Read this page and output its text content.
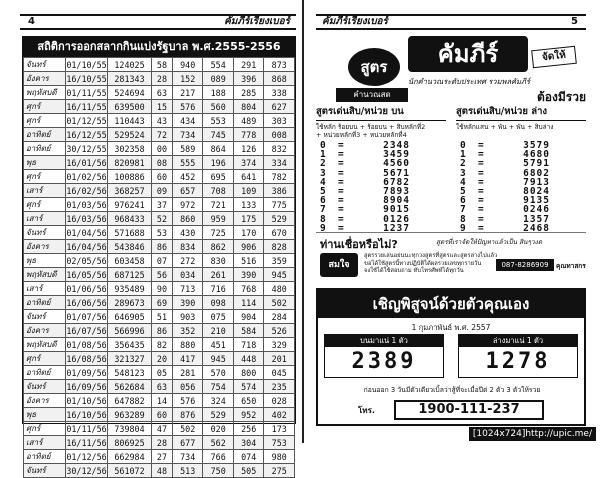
4	คัมภีร์เรียงเบอร์
สถิติการออกสลากกินแบ่งรัฐบาล พ.ศ.2555-2556
จันทร์	01/10/55	124025	58	940	554	291	873
อังคาร	16/10/55	281343	28	152	089	396	868
พฤหัสบดี	01/11/55	524694	63	217	188	285	338
ศุกร์	16/11/55	639500	15	576	560	804	627
ศุกร์	01/12/55	110443	43	434	553	489	303
อาทิตย์	16/12/55	529524	72	734	745	778	008
อาทิตย์	30/12/55	302358	00	589	864	126	832
พุธ	16/01/56	820981	08	555	196	374	334
ศุกร์	01/02/56	100886	60	452	695	641	782
เสาร์	16/02/56	368257	09	657	708	109	386
ศุกร์	01/03/56	976241	37	972	721	133	775
เสาร์	16/03/56	968433	52	860	959	175	529
จันทร์	01/04/56	571688	53	430	725	170	670
อังคาร	16/04/56	543846	86	834	862	906	828
พุธ	02/05/56	603458	07	272	830	516	359
พฤหัสบดี	16/05/56	687125	56	034	261	390	945
เสาร์	01/06/56	935489	90	713	716	768	480
อาทิตย์	16/06/56	289673	69	390	098	114	502
จันทร์	01/07/56	646905	51	903	075	904	284
อังคาร	16/07/56	566996	86	352	210	584	526
พฤหัสบดี	01/08/56	356435	82	880	451	718	329
ศุกร์	16/08/56	321327	20	417	945	448	201
อาทิตย์	01/09/56	548123	05	281	570	800	045
จันทร์	16/09/56	562684	63	056	754	574	235
อังคาร	01/10/56	647882	14	576	324	650	028
พุธ	16/10/56	963289	60	876	529	952	402
ศุกร์	01/11/56	739804	47	502	020	256	173
เสาร์	16/11/56	806925	28	677	562	304	753
อาทิตย์	01/12/56	662984	27	734	766	074	980
จันทร์	30/12/56	561072	48	513	750	505	275
คัมภีร์เรียงเบอร์	5
สูตร	คัมภีร์	จัดให้
คำนวณสด
นักคำนวณระดับประเทศ รวมพลคัมภีร์
ต้องมีรวย
สูตรเด่นสิบ/หน่วย บน
ใช้หลัก ร้อยบน + ร้อยบน + สิบหลักที่2
+ หน่วยหลักที่3 + หน่วยหลักที่4
0 =	2348
1 =	3459
2 =	4560
3 =	5671
4 =	6782
5 =	7893
6 =	8904
7 =	9015
8 =	0126
9 =	1237
สูตรเด่นสิบ/หน่วย ล่าง
ใช้หลักแสน + พัน + พัน + สิบล่าง
0 =	3579
1 =	4680
2 =	5791
3 =	6802
4 =	7913
5 =	8024
6 =	9135
7 =	0246
8 =	1357
9 =	2468
ท่านเชื่อหรือไม่?	สูตรที่เราจัดให้ปัญหาแล้วเป็น สินๆวงด
สมใจ
สูตรรวยเล่นอย่นนะทุกวงสูตรที่สูตรและสูตรล่างไปแล้ว
ขอได้ใช้สูตรนี้ทางปฏิบัติได้ผลรวยเลขทุกรายวัน
จงใช้ได้ใช้สอบถาม ทับโทรศัพท์ได้ทุกวัน
087-8286909	คุณทาสกร
เชิญพิสูจน์ด้วยตัวคุณเอง
1 กุมภาพันธ์ พ.ศ. 2557
บนมาแน่ 1 ตัว
2389
ล่างมาแน่ 1 ตัว
1278
ก่อนออก 3 วันมีตัวเดียวเบิ้ลว่าสู้ที่จะเมื่อปีต่ 2 ตัว 3 ตัวให้รวย
โทร.	1900-111-237
[1024x724]http://upic.me/
